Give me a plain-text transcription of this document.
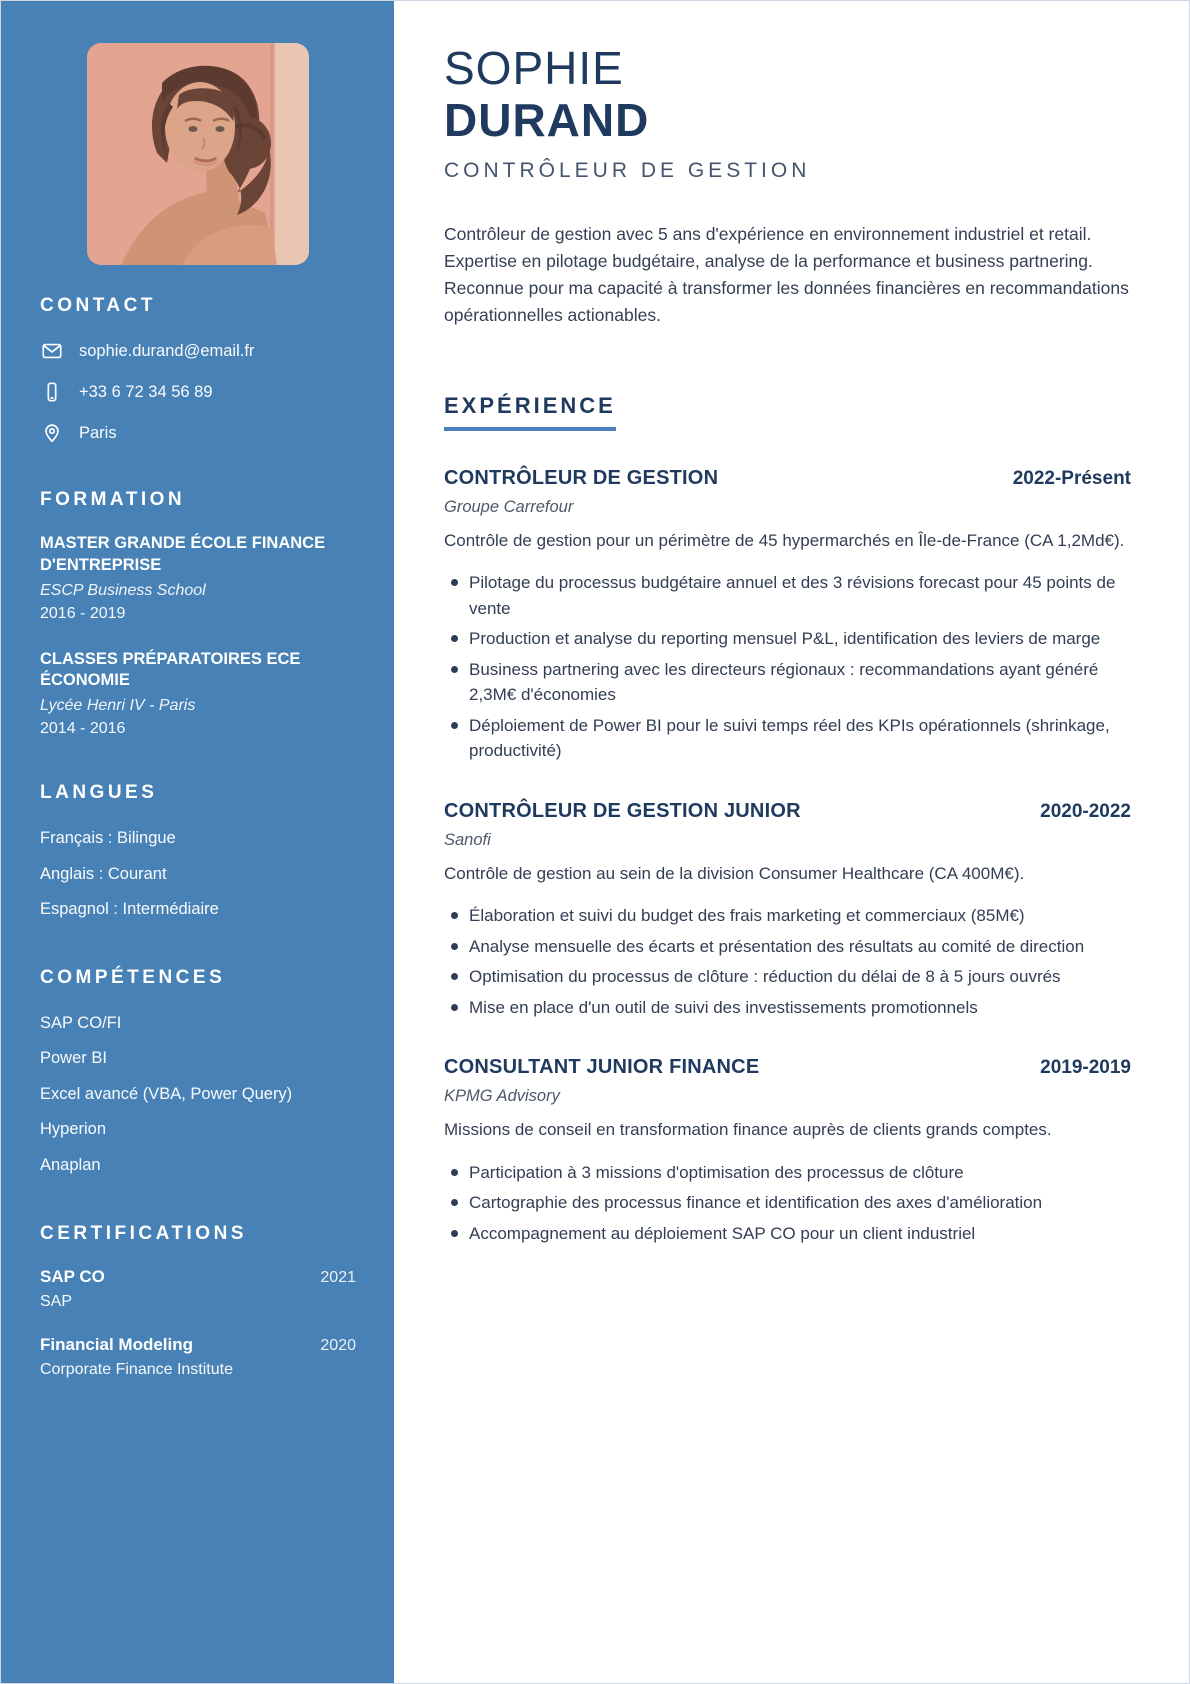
CONTACT
sophie.durand@email.fr
+33 6 72 34 56 89
Paris
FORMATION
MASTER GRANDE ÉCOLE FINANCE D'ENTREPRISE
ESCP Business School
2016 - 2019
CLASSES PRÉPARATOIRES ECE ÉCONOMIE
Lycée Henri IV - Paris
2014 - 2016
LANGUES

Français : Bilingue

Anglais : Courant

Espagnol : Intermédiaire

COMPÉTENCES

SAP CO/FI

Power BI

Excel avancé (VBA, Power Query)

Hyperion

Anaplan

CERTIFICATIONS
SAP CO	2021
SAP
Financial Modeling	2020
Corporate Finance Institute
SOPHIE
DURAND
CONTRÔLEUR DE GESTION

Contrôleur de gestion avec 5 ans d'expérience en environnement industriel et retail. Expertise en pilotage budgétaire, analyse de la performance et business partnering. Reconnue pour ma capacité à transformer les données financières en recommandations opérationnelles actionables.

EXPÉRIENCE
CONTRÔLEUR DE GESTION	2022-Présent
Groupe Carrefour

Contrôle de gestion pour un périmètre de 45 hypermarchés en Île-de-France (CA 1,2Md€).

Pilotage du processus budgétaire annuel et des 3 révisions forecast pour 45 points de vente
Production et analyse du reporting mensuel P&L, identification des leviers de marge
Business partnering avec les directeurs régionaux : recommandations ayant généré 2,3M€ d'économies
Déploiement de Power BI pour le suivi temps réel des KPIs opérationnels (shrinkage, productivité)
CONTRÔLEUR DE GESTION JUNIOR	2020-2022
Sanofi

Contrôle de gestion au sein de la division Consumer Healthcare (CA 400M€).

Élaboration et suivi du budget des frais marketing et commerciaux (85M€)
Analyse mensuelle des écarts et présentation des résultats au comité de direction
Optimisation du processus de clôture : réduction du délai de 8 à 5 jours ouvrés
Mise en place d'un outil de suivi des investissements promotionnels
CONSULTANT JUNIOR FINANCE	2019-2019
KPMG Advisory

Missions de conseil en transformation finance auprès de clients grands comptes.

Participation à 3 missions d'optimisation des processus de clôture
Cartographie des processus finance et identification des axes d'amélioration
Accompagnement au déploiement SAP CO pour un client industriel
